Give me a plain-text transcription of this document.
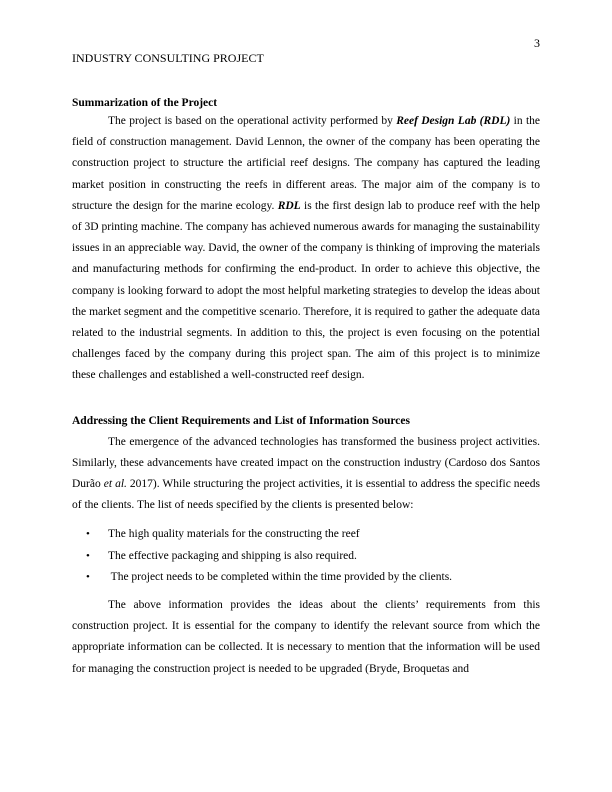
3
INDUSTRY CONSULTING PROJECT
Summarization of the Project

The project is based on the operational activity performed by Reef Design Lab (RDL) in the field of construction management. David Lennon, the owner of the company has been operating the construction project to structure the artificial reef designs. The company has captured the leading market position in constructing the reefs in different areas. The major aim of the company is to structure the design for the marine ecology. RDL is the first design lab to produce reef with the help of 3D printing machine. The company has achieved numerous awards for managing the sustainability issues in an appreciable way. David, the owner of the company is thinking of improving the materials and manufacturing methods for confirming the end-product. In order to achieve this objective, the company is looking forward to adopt the most helpful marketing strategies to develop the ideas about the market segment and the competitive scenario. Therefore, it is required to gather the adequate data related to the industrial segments. In addition to this, the project is even focusing on the potential challenges faced by the company during this project span. The aim of this project is to minimize these challenges and established a well-constructed reef design.

Addressing the Client Requirements and List of Information Sources

The emergence of the advanced technologies has transformed the business project activities. Similarly, these advancements have created impact on the construction industry (Cardoso dos Santos Durão et al. 2017). While structuring the project activities, it is essential to address the specific needs of the clients. The list of needs specified by the clients is presented below:

• The high quality materials for the constructing the reef
• The effective packaging and shipping is also required.
• The project needs to be completed within the time provided by the clients.

The above information provides the ideas about the clients’ requirements from this construction project. It is essential for the company to identify the relevant source from which the appropriate information can be collected. It is necessary to mention that the information will be used for managing the construction project is needed to be upgraded (Bryde, Broquetas and
